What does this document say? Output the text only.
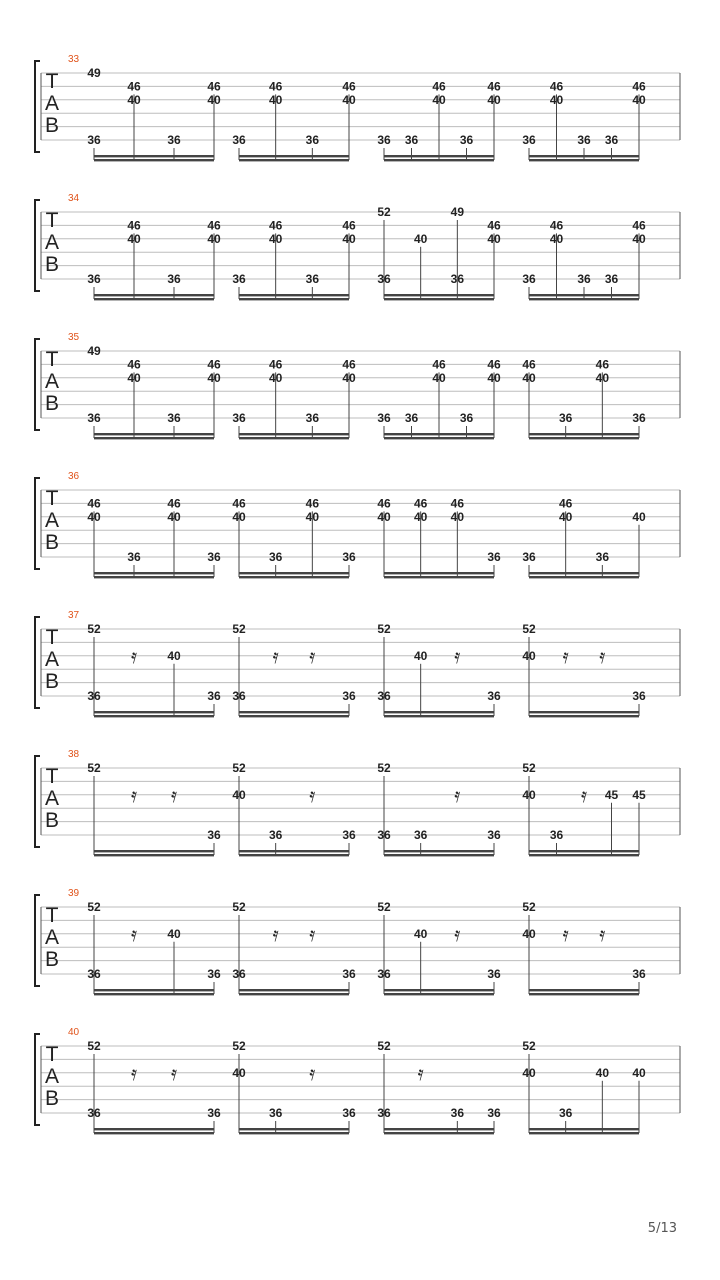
T
A
B
33
36
46
40
36
46
40
49
36
46
40
36
46
40
36 36
46
40
36
46
40
36
46
40
36 36
46
40
T
A
B
34
36
46
40
36
46
40
36
46
40
36
46
40
52
36
40
49
36
46
40
36
46
40
36 36
46
40
T
A
B
35
36
46
40
36
46
40
49
36
46
40
36
46
40
36 36
46
40
36
46
40
46
40
36
46
40
36
T
A
B
36
46
40
36
46
40
36
46
40
36
46
40
36
46
40
46
40
46
40
36 36
46
40
36
40
T
A
B
37
52
36
𝄿	40
36
52
36
𝄿 𝄿
36
52
36
40 𝄿
36
52
40 𝄿 𝄿
36
T
A
B
38
52
𝄿 𝄿
36
52
40
36
𝄿
36
52
36 36
𝄿
36
52
40
36
𝄿 45 45
T
A
B
39
52
36
𝄿	40
36
52
36
𝄿 𝄿
36
52
36
40 𝄿
36
52
40 𝄿 𝄿
36
T
A
B
40
52
36
𝄿 𝄿
36
52
40
36
𝄿
36
52
36
𝄿
36 36
52
40
36
40 40
5/13
